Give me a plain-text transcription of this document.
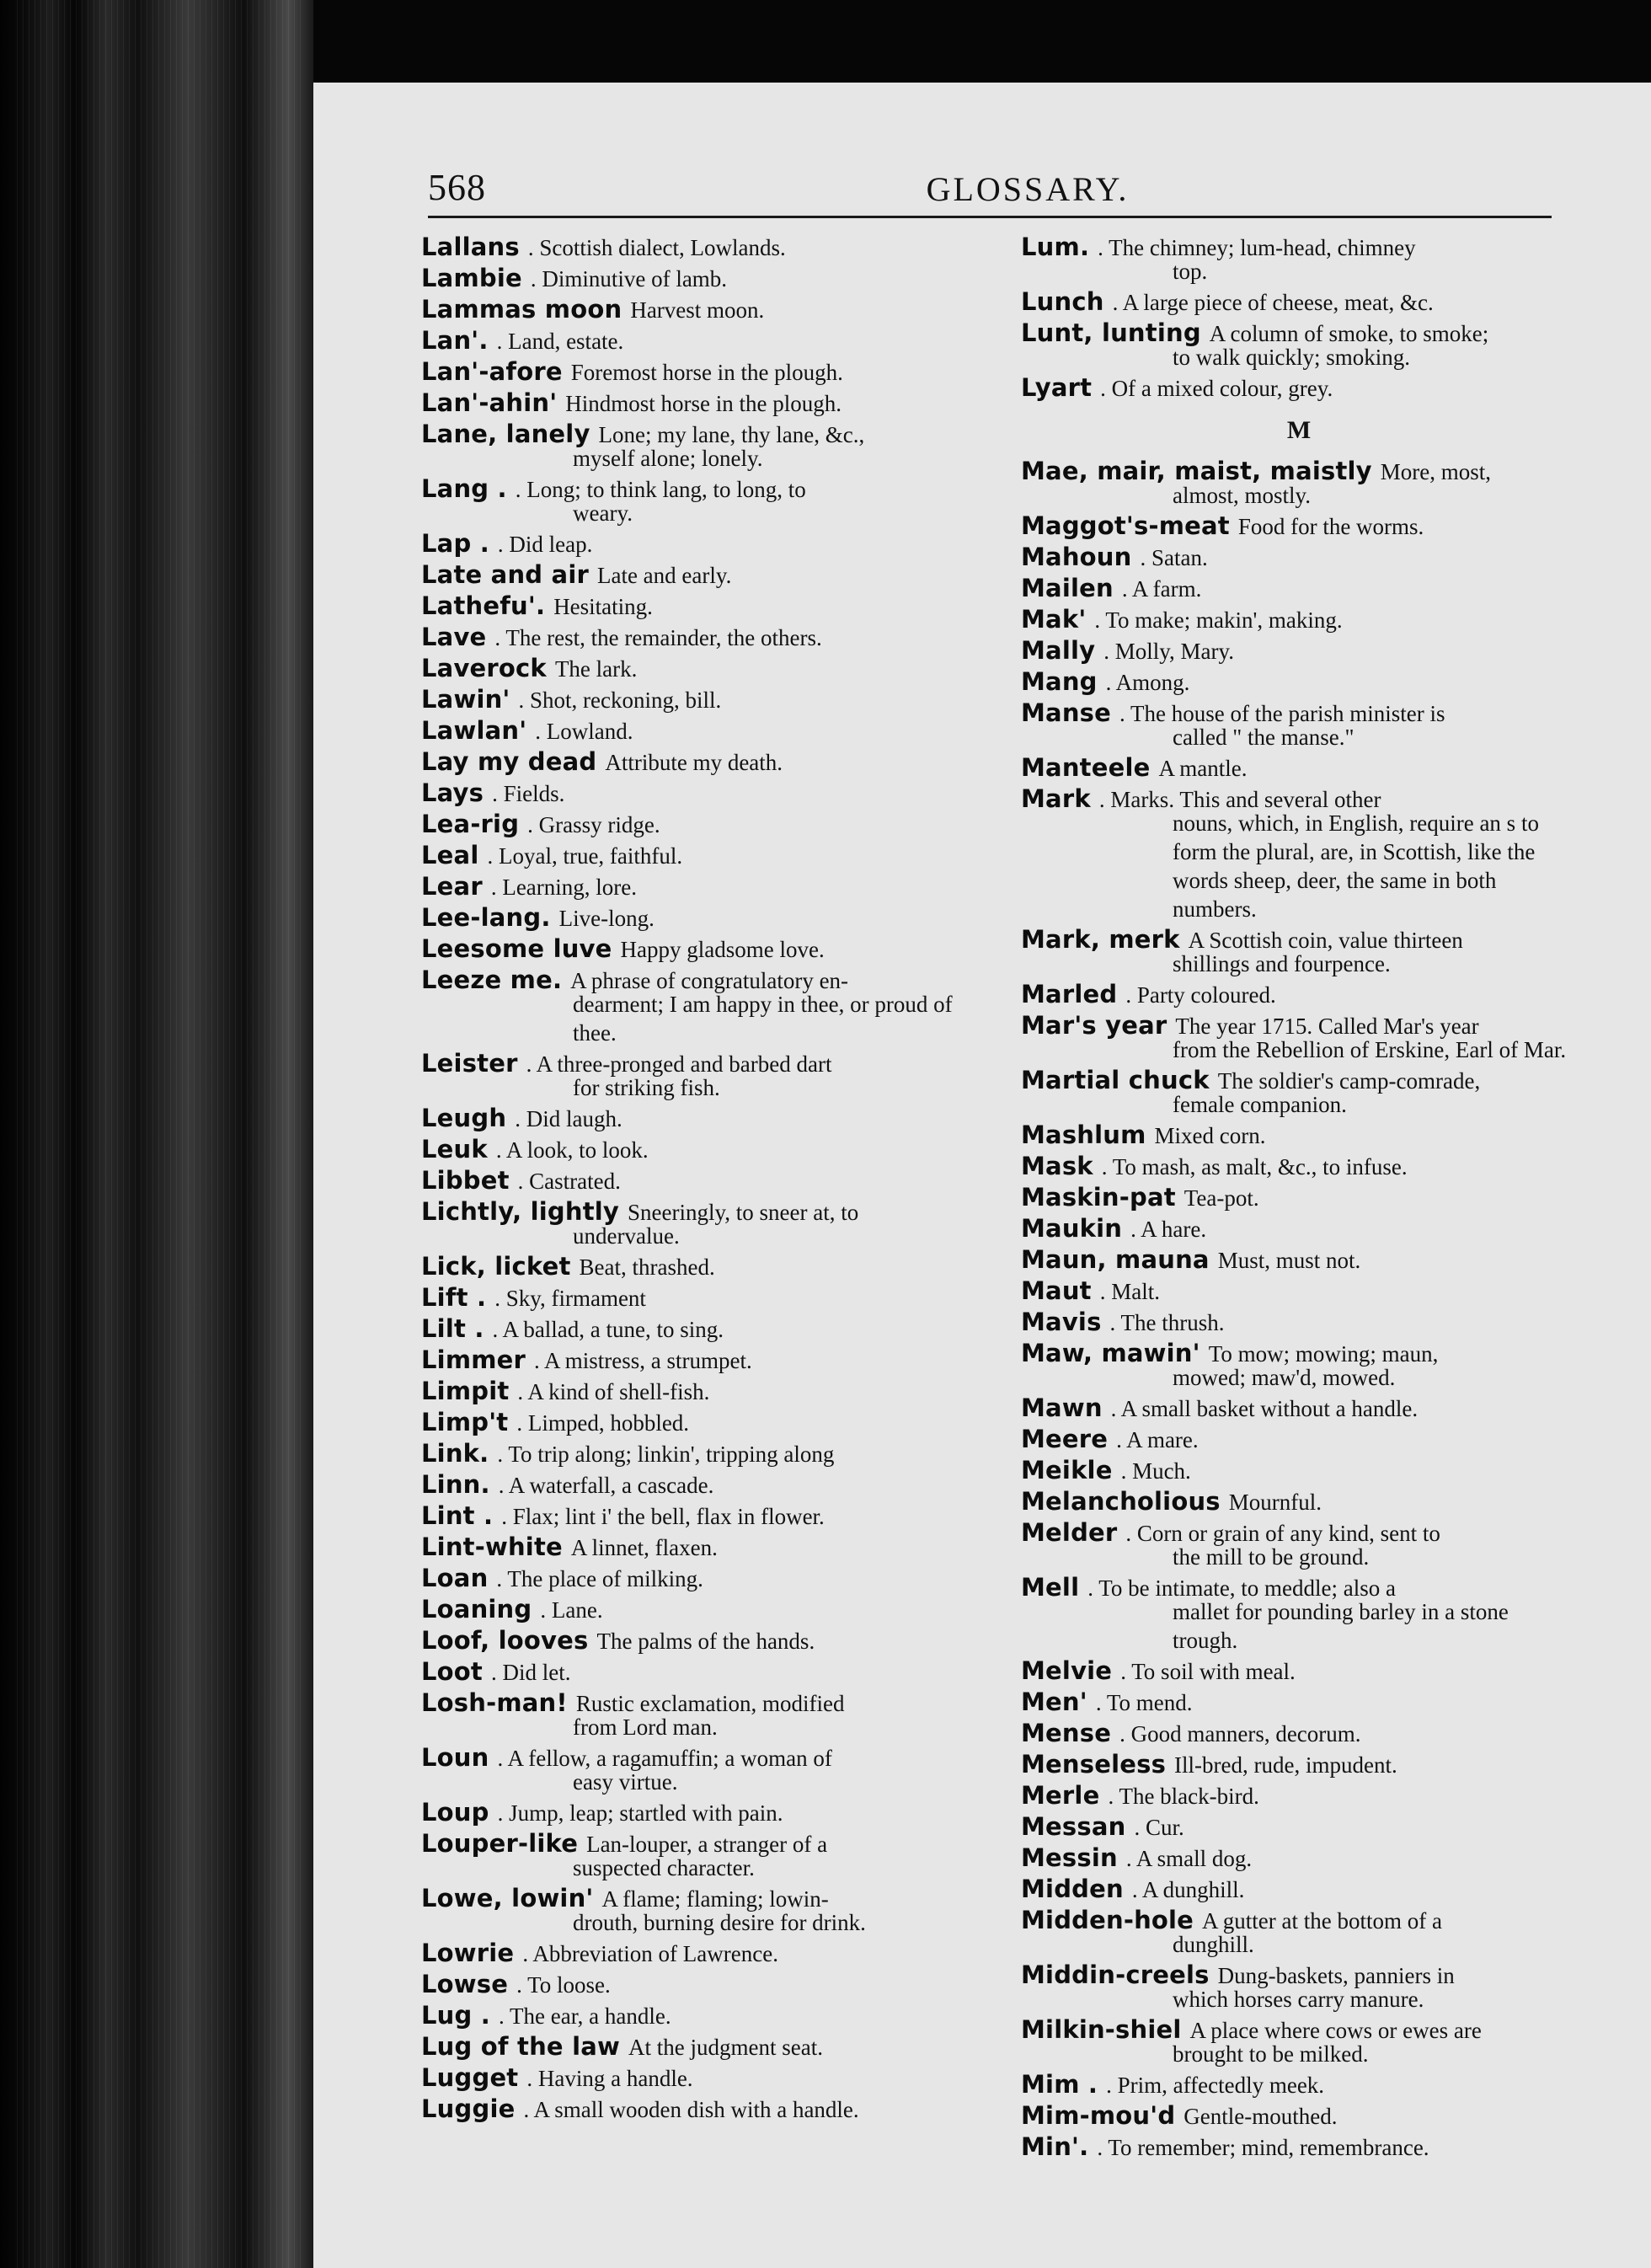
568	GLOSSARY.
Lallans . Scottish dialect, Lowlands.
Lambie . Diminutive of lamb.
Lammas moon Harvest moon.
Lan'. . Land, estate.
Lan'-afore Foremost horse in the plough.
Lan'-ahin' Hindmost horse in the plough.
Lane, lanely Lone; my lane, thy lane, &c.,
myself alone; lonely.
Lang . . Long; to think lang, to long, to
weary.
Lap . . Did leap.
Late and air Late and early.
Lathefu'. Hesitating.
Lave . The rest, the remainder, the others.
Laverock The lark.
Lawin' . Shot, reckoning, bill.
Lawlan' . Lowland.
Lay my dead Attribute my death.
Lays . Fields.
Lea-rig . Grassy ridge.
Leal . Loyal, true, faithful.
Lear . Learning, lore.
Lee-lang. Live-long.
Leesome luve Happy gladsome love.
Leeze me. A phrase of congratulatory en-
dearment; I am happy in thee, or proud of thee.
Leister . A three-pronged and barbed dart
for striking fish.
Leugh . Did laugh.
Leuk . A look, to look.
Libbet . Castrated.
Lichtly, lightly Sneeringly, to sneer at, to
undervalue.
Lick, licket Beat, thrashed.
Lift . . Sky, firmament
Lilt . . A ballad, a tune, to sing.
Limmer . A mistress, a strumpet.
Limpit . A kind of shell-fish.
Limp't . Limped, hobbled.
Link. . To trip along; linkin', tripping along
Linn. . A waterfall, a cascade.
Lint . . Flax; lint i' the bell, flax in flower.
Lint-white A linnet, flaxen.
Loan . The place of milking.
Loaning . Lane.
Loof, looves The palms of the hands.
Loot . Did let.
Losh-man! Rustic exclamation, modified
from Lord man.
Loun . A fellow, a ragamuffin; a woman of
easy virtue.
Loup . Jump, leap; startled with pain.
Louper-like Lan-louper, a stranger of a
suspected character.
Lowe, lowin' A flame; flaming; lowin-
drouth, burning desire for drink.
Lowrie . Abbreviation of Lawrence.
Lowse . To loose.
Lug . . The ear, a handle.
Lug of the law At the judgment seat.
Lugget . Having a handle.
Luggie . A small wooden dish with a handle.
Lum. . The chimney; lum-head, chimney
top.
Lunch . A large piece of cheese, meat, &c.
Lunt, lunting A column of smoke, to smoke;
to walk quickly; smoking.
Lyart . Of a mixed colour, grey.
M
Mae, mair, maist, maistly More, most,
almost, mostly.
Maggot's-meat Food for the worms.
Mahoun . Satan.
Mailen . A farm.
Mak' . To make; makin', making.
Mally . Molly, Mary.
Mang . Among.
Manse . The house of the parish minister is
called " the manse."
Manteele A mantle.
Mark . Marks. This and several other
nouns, which, in English, require an s to form the plural, are, in Scottish, like the words sheep, deer, the same in both numbers.
Mark, merk A Scottish coin, value thirteen
shillings and fourpence.
Marled . Party coloured.
Mar's year The year 1715. Called Mar's year
from the Rebellion of Erskine, Earl of Mar.
Martial chuck The soldier's camp-comrade,
female companion.
Mashlum Mixed corn.
Mask . To mash, as malt, &c., to infuse.
Maskin-pat Tea-pot.
Maukin . A hare.
Maun, mauna Must, must not.
Maut . Malt.
Mavis . The thrush.
Maw, mawin' To mow; mowing; maun,
mowed; maw'd, mowed.
Mawn . A small basket without a handle.
Meere . A mare.
Meikle . Much.
Melancholious Mournful.
Melder . Corn or grain of any kind, sent to
the mill to be ground.
Mell . To be intimate, to meddle; also a
mallet for pounding barley in a stone trough.
Melvie . To soil with meal.
Men' . To mend.
Mense . Good manners, decorum.
Menseless Ill-bred, rude, impudent.
Merle . The black-bird.
Messan . Cur.
Messin . A small dog.
Midden . A dunghill.
Midden-hole A gutter at the bottom of a
dunghill.
Middin-creels Dung-baskets, panniers in
which horses carry manure.
Milkin-shiel A place where cows or ewes are
brought to be milked.
Mim . . Prim, affectedly meek.
Mim-mou'd Gentle-mouthed.
Min'. . To remember; mind, remembrance.
